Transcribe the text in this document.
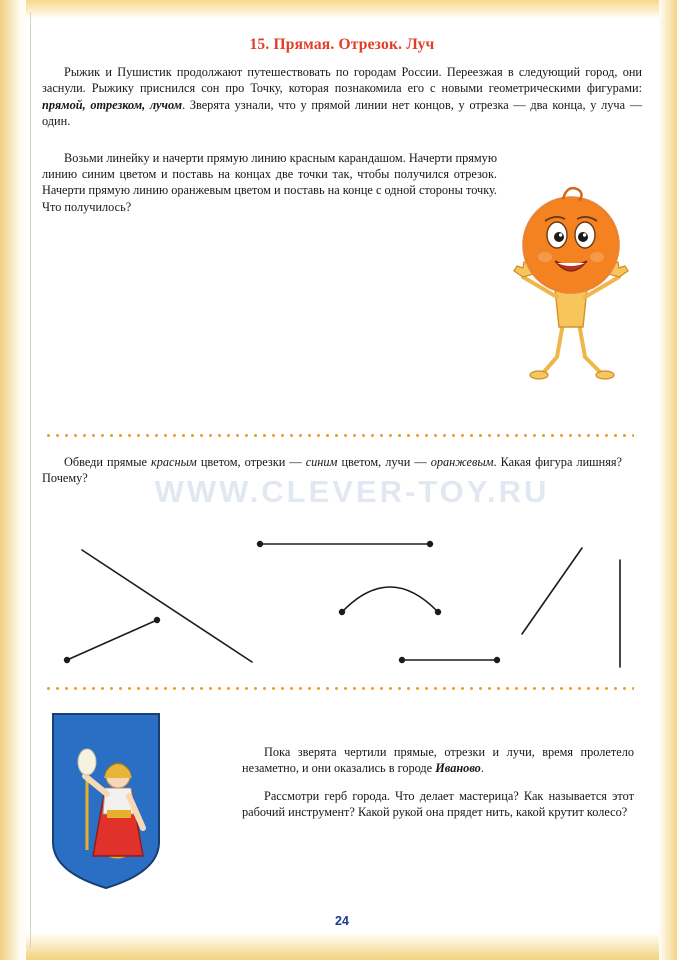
15. Прямая. Отрезок. Луч

Рыжик и Пушистик продолжают путешествовать по городам России. Переезжая в следующий город, они заснули. Рыжику приснился сон про Точку, которая познакомила его с новыми геометрическими фигурами: прямой, отрезком, лучом. Зверята узнали, что у прямой линии нет концов, у отрезка — два конца, у луча — один.

Возьми линейку и начерти прямую линию красным карандашом. Начерти прямую линию синим цветом и поставь на концах две точки так, чтобы получился отрезок. Начерти прямую линию оранжевым цветом и поставь на конце с одной стороны точку. Что получилось?

Обведи прямые красным цветом, отрезки — синим цветом, лучи — оранжевым. Какая фигура лишняя? Почему?	WWW.CLEVER-TOY.RU

Пока зверята чертили прямые, отрезки и лучи, время пролетело незаметно, и они оказались в городе Иваново.

Рассмотри герб города. Что делает мастерица? Как называется этот рабочий инструмент? Какой рукой она прядет нить, какой крутит колесо?

24
